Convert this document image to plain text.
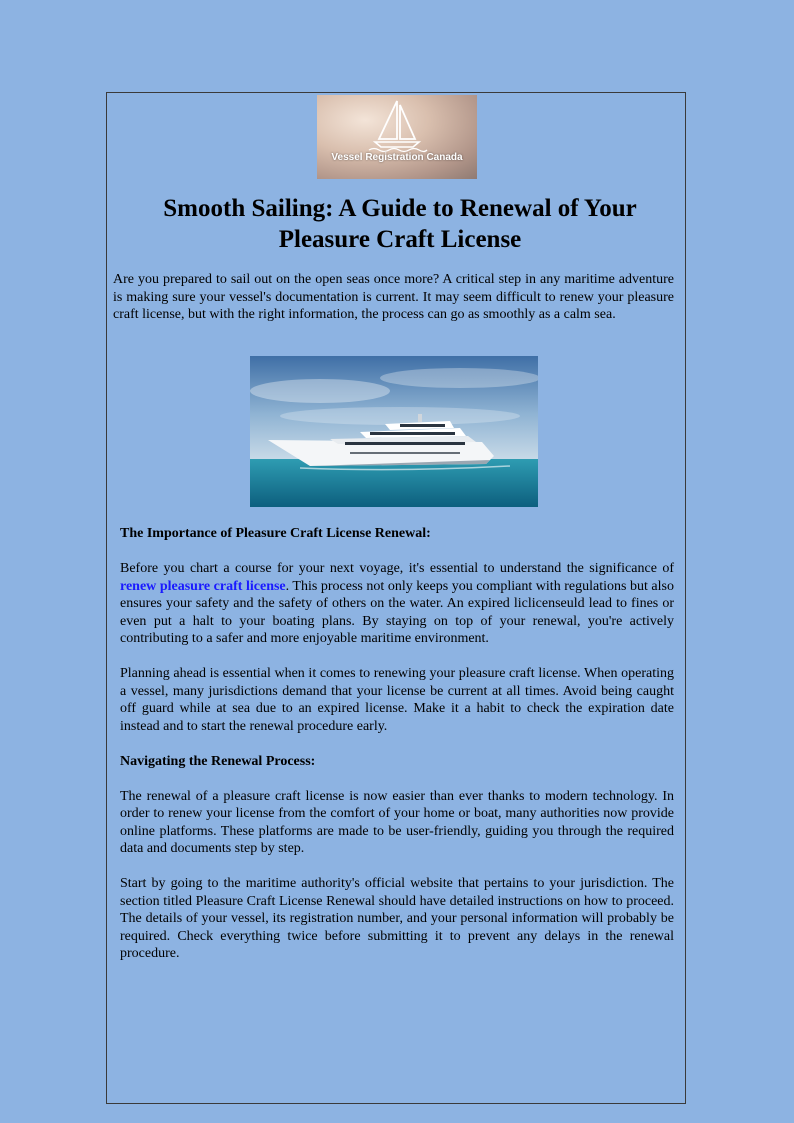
Vessel Registration Canada
Smooth Sailing: A Guide to Renewal of Your Pleasure Craft License

Are you prepared to sail out on the open seas once more? A critical step in any maritime adventure is making sure your vessel's documentation is current. It may seem difficult to renew your pleasure craft license, but with the right information, the process can go as smoothly as a calm sea.

The Importance of Pleasure Craft License Renewal:

Before you chart a course for your next voyage, it's essential to understand the significance of renew pleasure craft license. This process not only keeps you compliant with regulations but also ensures your safety and the safety of others on the water. An expired liclicenseuld lead to fines or even put a halt to your boating plans. By staying on top of your renewal, you're actively contributing to a safer and more enjoyable maritime environment.

Planning ahead is essential when it comes to renewing your pleasure craft license. When operating a vessel, many jurisdictions demand that your license be current at all times. Avoid being caught off guard while at sea due to an expired license. Make it a habit to check the expiration date instead and to start the renewal procedure early.

Navigating the Renewal Process:

The renewal of a pleasure craft license is now easier than ever thanks to modern technology. In order to renew your license from the comfort of your home or boat, many authorities now provide online platforms. These platforms are made to be user-friendly, guiding you through the required data and documents step by step.

Start by going to the maritime authority's official website that pertains to your jurisdiction. The section titled Pleasure Craft License Renewal should have detailed instructions on how to proceed. The details of your vessel, its registration number, and your personal information will probably be required. Check everything twice before submitting it to prevent any delays in the renewal procedure.
